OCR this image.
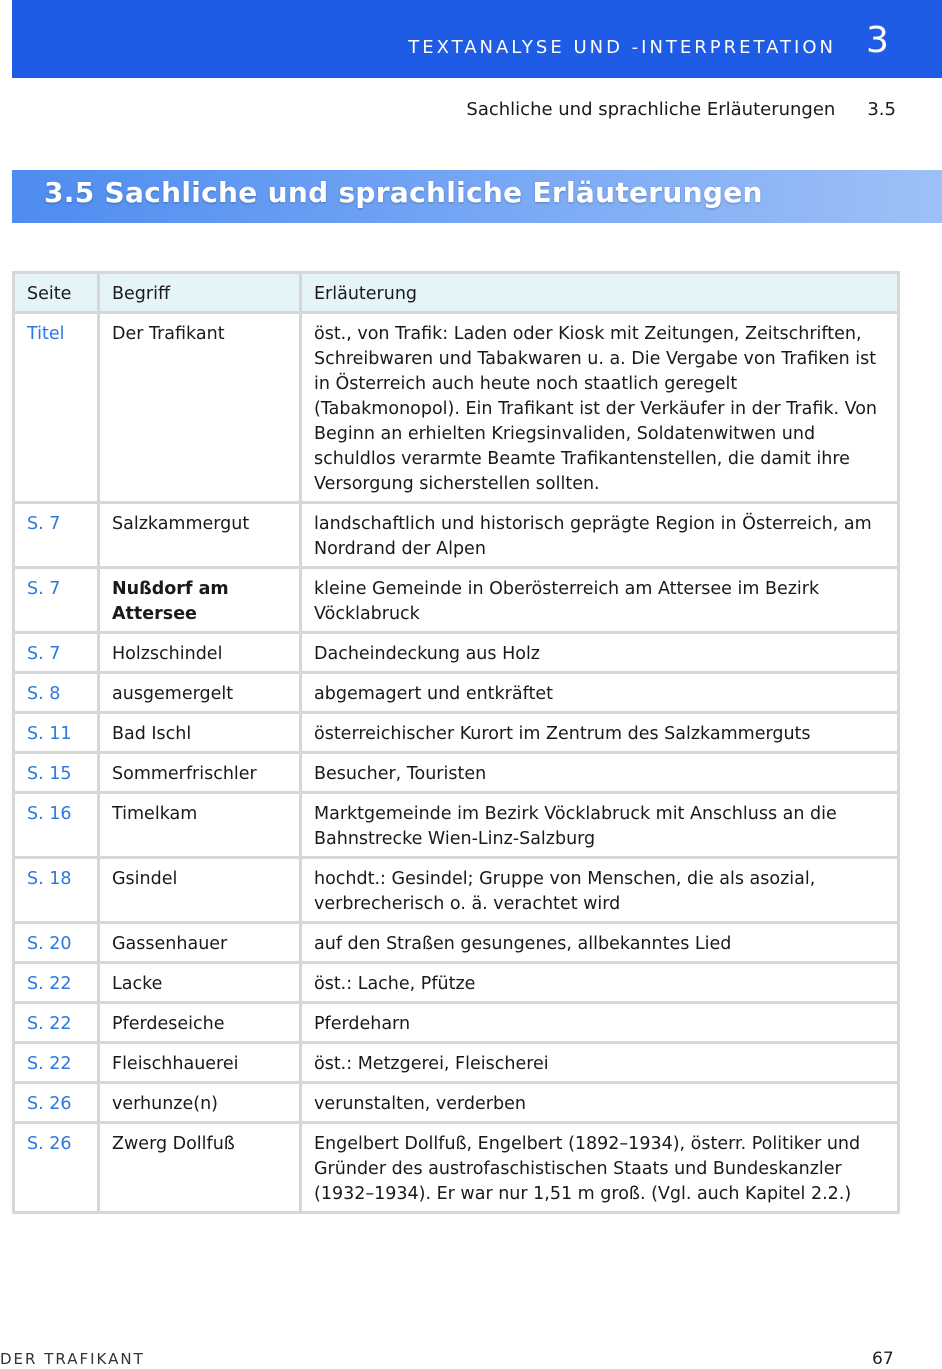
TEXTANALYSE UND -INTERPRETATION 3
Sachliche und sprachliche Erläuterungen 3.5
3.5 Sachliche und sprachliche Erläuterungen
Seite	Begriff	Erläuterung
Titel	Der Trafikant	öst., von Trafik: Laden oder Kiosk mit Zeitungen, Zeitschriften, Schreibwaren und Tabakwaren u. a. Die Vergabe von Trafiken ist in Österreich auch heute noch staatlich geregelt (Tabakmonopol). Ein Trafikant ist der Verkäufer in der Trafik. Von Beginn an erhielten Kriegsinvaliden, Soldatenwitwen und schuldlos verarmte Beamte Trafikantenstellen, die damit ihre Versorgung sicherstellen sollten.
S. 7	Salzkammergut	landschaftlich und historisch geprägte Region in Österreich, am Nordrand der Alpen
S. 7	Nußdorf am Attersee	kleine Gemeinde in Oberösterreich am Attersee im Bezirk Vöcklabruck
S. 7	Holzschindel	Dacheindeckung aus Holz
S. 8	ausgemergelt	abgemagert und entkräftet
S. 11	Bad Ischl	österreichischer Kurort im Zentrum des Salzkammerguts
S. 15	Sommerfrischler	Besucher, Touristen
S. 16	Timelkam	Marktgemeinde im Bezirk Vöcklabruck mit Anschluss an die Bahnstrecke Wien-Linz-Salzburg
S. 18	Gsindel	hochdt.: Gesindel; Gruppe von Menschen, die als asozial, verbrecherisch o. ä. verachtet wird
S. 20	Gassenhauer	auf den Straßen gesungenes, allbekanntes Lied
S. 22	Lacke	öst.: Lache, Pfütze
S. 22	Pferdeseiche	Pferdeharn
S. 22	Fleischhauerei	öst.: Metzgerei, Fleischerei
S. 26	verhunze(n)	verunstalten, verderben
S. 26	Zwerg Dollfuß	Engelbert Dollfuß, Engelbert (1892–1934), österr. Politiker und Gründer des austrofaschistischen Staats und Bundeskanzler (1932–1934). Er war nur 1,51 m groß. (Vgl. auch Kapitel 2.2.)
DER TRAFIKANT	67
